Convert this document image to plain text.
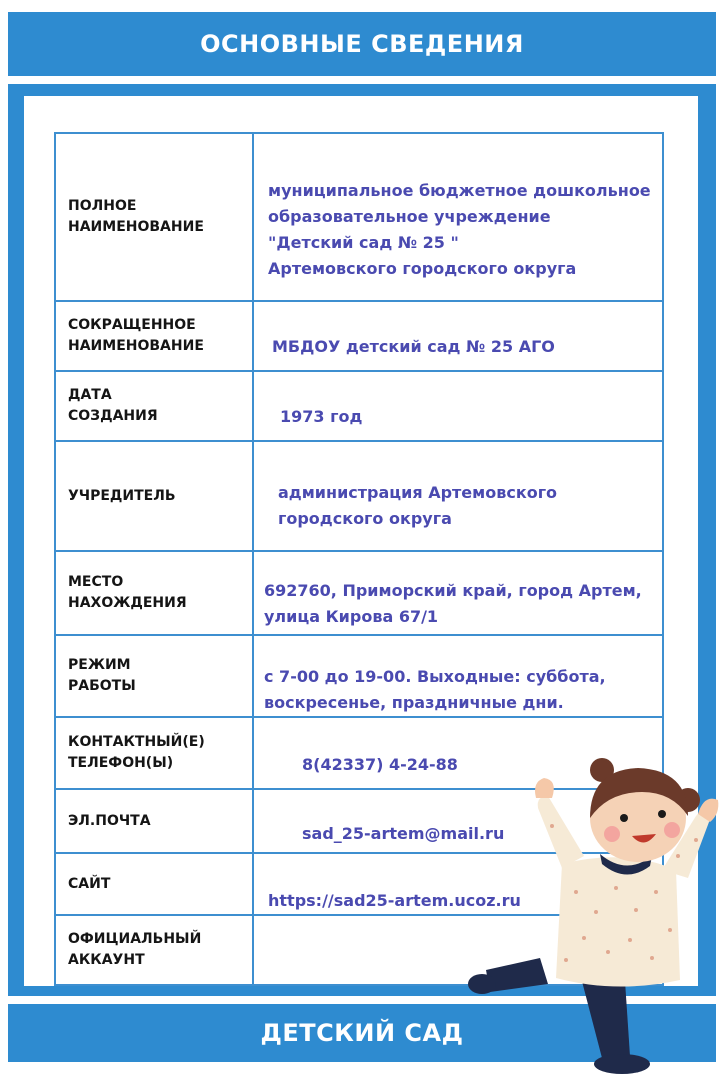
ОСНОВНЫЕ СВЕДЕНИЯ
ПОЛНОЕ
НАИМЕНОВАНИЕ	муниципальное бюджетное дошкольное
образовательное учреждение
"Детский сад № 25 "
Артемовского городского округа

СОКРАЩЕННОЕ
НАИМЕНОВАНИЕ	МБДОУ детский сад № 25 АГО

ДАТА
СОЗДАНИЯ	1973 год

УЧРЕДИТЕЛЬ	администрация Артемовского
городского округа

МЕСТО
НАХОЖДЕНИЯ	692760, Приморский край, город Артем,
улица Кирова 67/1

РЕЖИМ
РАБОТЫ	с 7-00 до 19-00. Выходные: суббота,
воскресенье, праздничные дни.

КОНТАКТНЫЙ(Е)
ТЕЛЕФОН(Ы)	8(42337) 4-24-88

ЭЛ.ПОЧТА	sad_25-artem@mail.ru

САЙТ	https://sad25-artem.ucoz.ru

ОФИЦИАЛЬНЫЙ
АККАУНТ	

ДЕТСКИЙ САД
